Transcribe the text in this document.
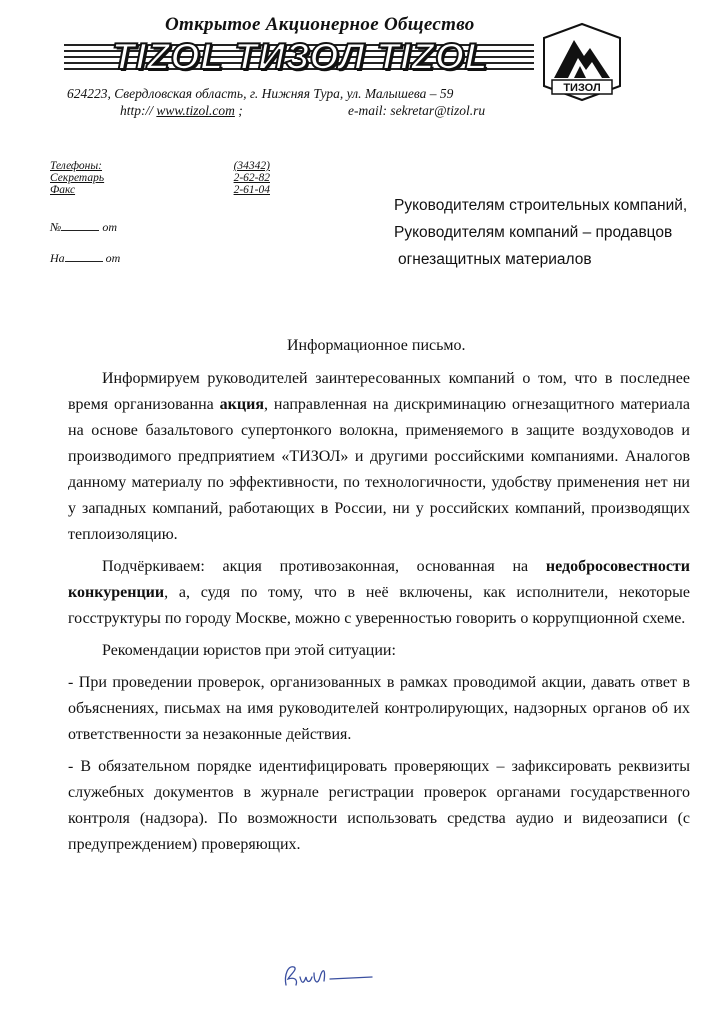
Открытое Акционерное Общество
TIZOL ТИЗОЛ TIZOL
ТИЗОЛ
624223, Свердловская область, г. Нижняя Тура, ул. Малышева – 59
http:// www.tizol.com ;	e-mail: sekretar@tizol.ru
Телефоны:	(34342)
Секретарь	2-62-82
Факс	2-61-04
№	от
На	от
Руководителям строительных компаний,
Руководителям компаний – продавцов
огнезащитных материалов
Информационное письмо.

Информируем руководителей заинтересованных компаний о том, что в последнее время организованна акция, направленная на дискриминацию огнезащитного материала на основе базальтового супертонкого волокна, применяемого в защите воздуховодов и производимого предприятием «ТИЗОЛ» и другими российскими компаниями. Аналогов данному материалу по эффективности, по технологичности, удобству применения нет ни у западных компаний, работающих в России, ни у российских компаний, производящих теплоизоляцию.

Подчёркиваем: акция противозаконная, основанная на недобросовестности конкуренции, а, судя по тому, что в неё включены, как исполнители, некоторые госструктуры по городу Москве, можно с уверенностью говорить о коррупционной схеме.

Рекомендации юристов при этой ситуации:

- При проведении проверок, организованных в рамках проводимой акции, давать ответ в объяснениях, письмах на имя руководителей контролирующих, надзорных органов об их ответственности за незаконные действия.

- В обязательном порядке идентифицировать проверяющих – зафиксировать реквизиты служебных документов в журнале регистрации проверок органами государственного контроля (надзора). По возможности использовать средства аудио и видеозаписи (с предупреждением) проверяющих.
